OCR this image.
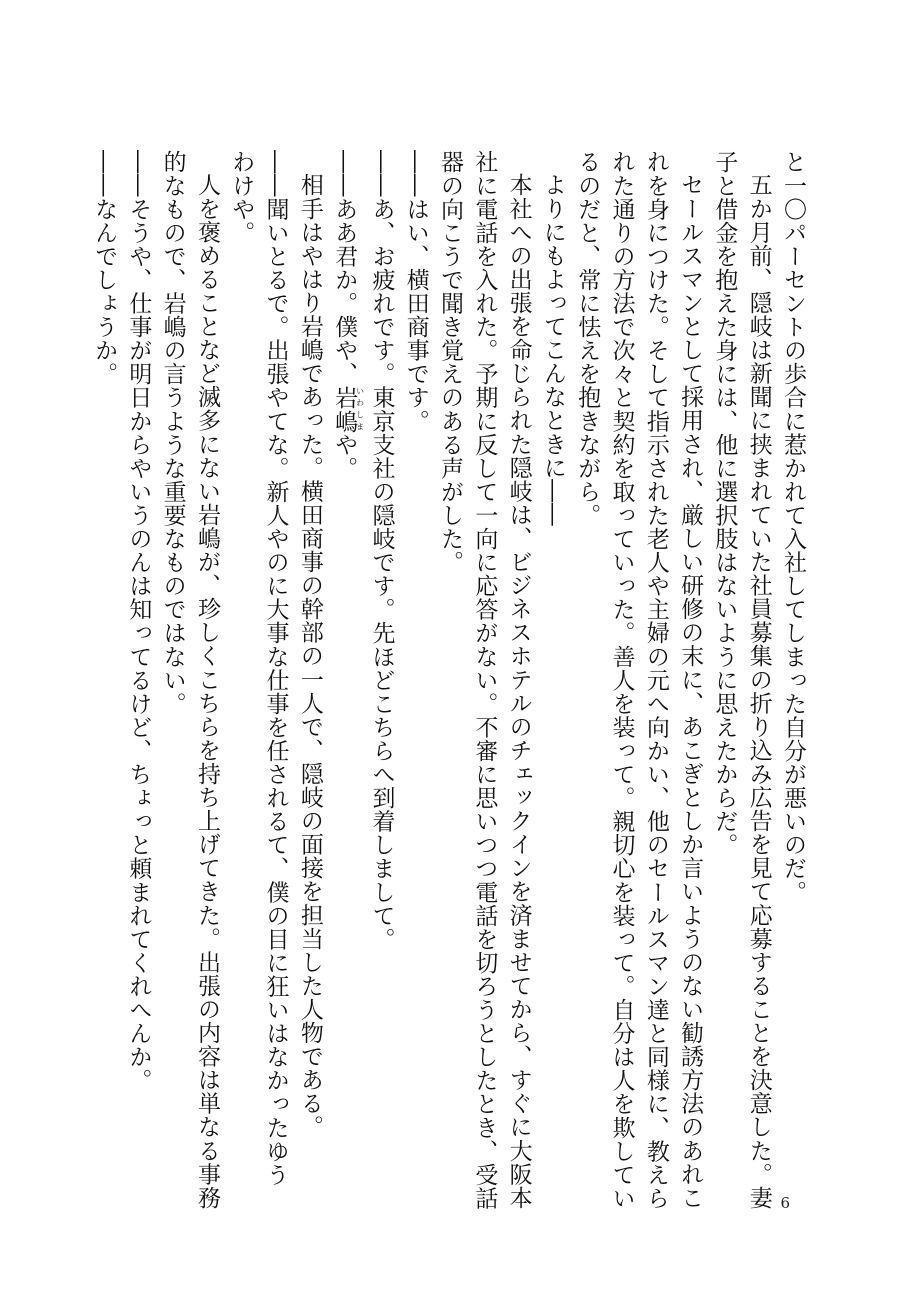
と一〇パーセントの歩合に惹かれて入社してしまった自分が悪いのだ。
五か月前、隠岐は新聞に挟まれていた社員募集の折り込み広告を見て応募することを決意した。妻
子と借金を抱えた身には、他に選択肢はないように思えたからだ。
セールスマンとして採用され、厳しい研修の末に、あこぎとしか言いようのない勧誘方法のあれこ
れを身につけた。そして指示された老人や主婦の元へ向かい、他のセールスマン達と同様に、教えら
れた通りの方法で次々と契約を取っていった。善人を装って。親切心を装って。自分は人を欺してい
るのだと、常に怯えを抱きながら。
よりにもよってこんなときに――
本社への出張を命じられた隠岐は、ビジネスホテルのチェックインを済ませてから、すぐに大阪本
社に電話を入れた。予期に反して一向に応答がない。不審に思いつつ電話を切ろうとしたとき、受話
器の向こうで聞き覚えのある声がした。
――はい、横田商事です。
――あ、お疲れです。東京支社の隠岐です。先ほどこちらへ到着しまして。
――ああ君か。僕や、岩嶋いわしまや。
相手はやはり岩嶋であった。横田商事の幹部の一人で、隠岐の面接を担当した人物である。
――聞いとるで。出張やてな。新人やのに大事な仕事を任されるて、僕の目に狂いはなかったゆう
わけや。
人を褒めることなど滅多にない岩嶋が、珍しくこちらを持ち上げてきた。出張の内容は単なる事務
的なもので、岩嶋の言うような重要なものではない。
――そうや、仕事が明日からやいうのんは知ってるけど、ちょっと頼まれてくれへんか。
――なんでしょうか。
6
